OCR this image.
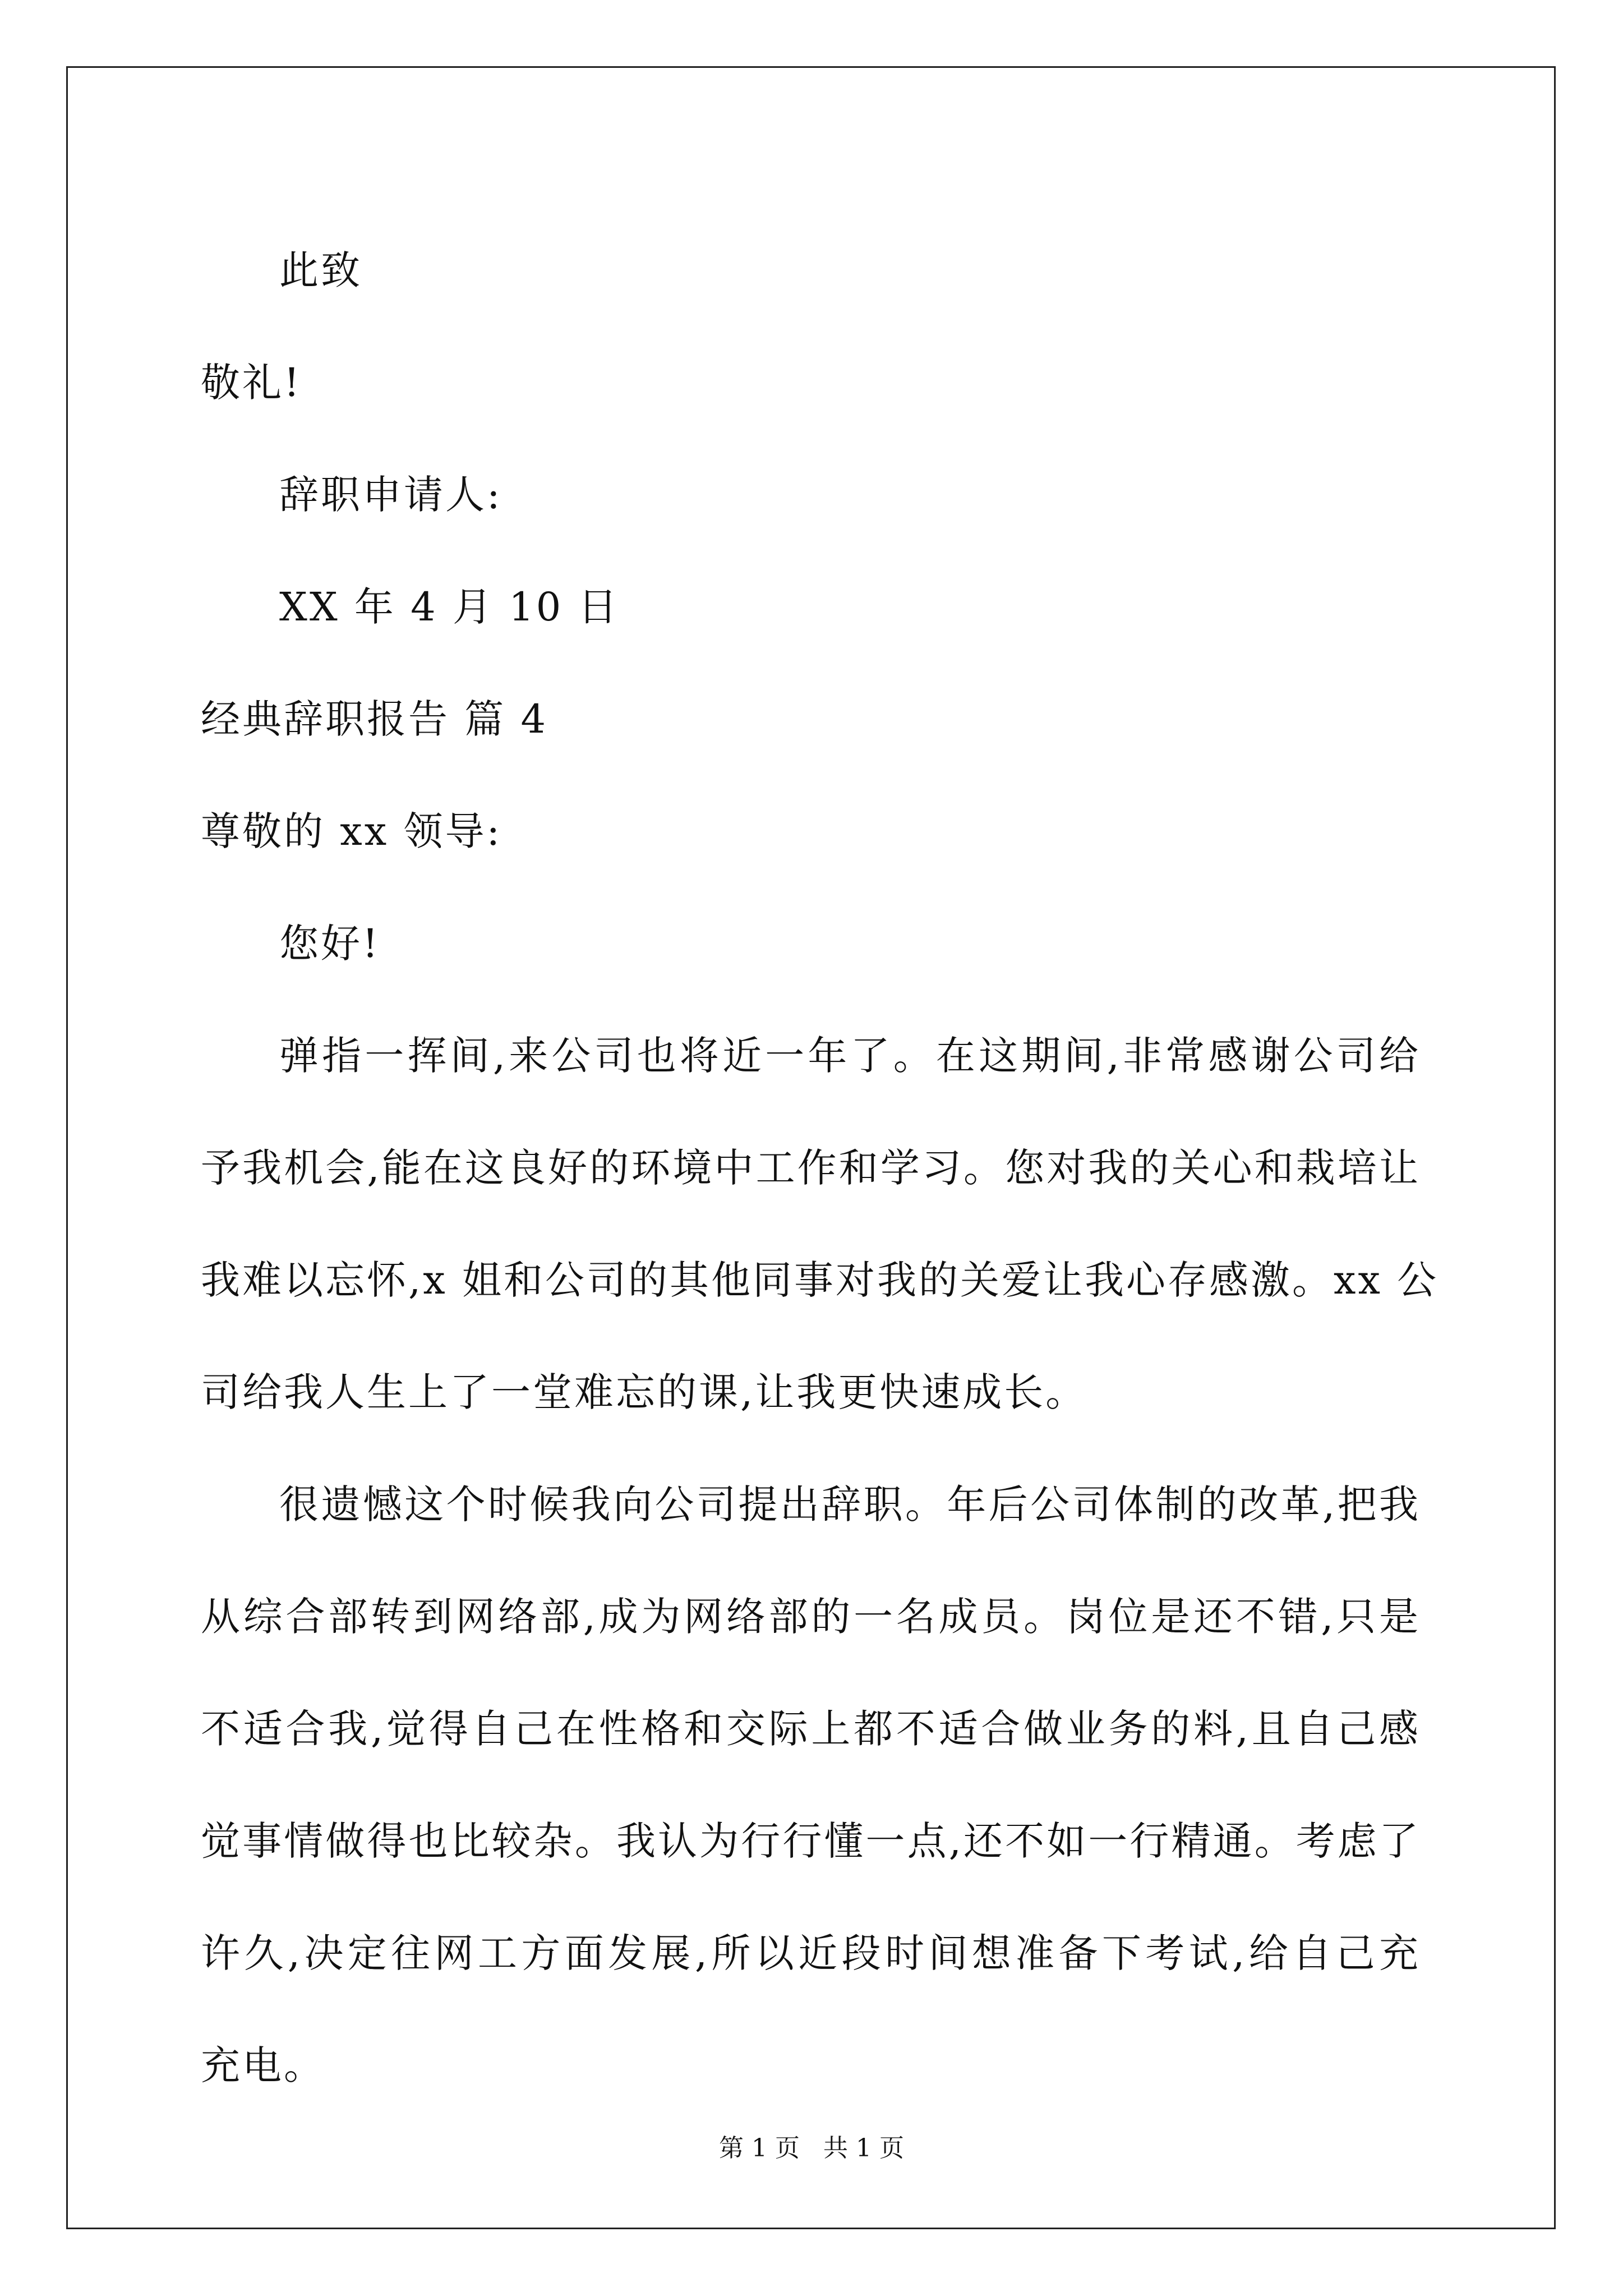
此致
敬礼!
辞职申请人:
XX 年 4 月 10 日
经典辞职报告 篇 4
尊敬的 xx 领导:
您好!
弹指一挥间,来公司也将近一年了。在这期间,非常感谢公司给
予我机会,能在这良好的环境中工作和学习。您对我的关心和栽培让
我难以忘怀,x 姐和公司的其他同事对我的关爱让我心存感激。xx 公
司给我人生上了一堂难忘的课,让我更快速成长。
很遗憾这个时候我向公司提出辞职。年后公司体制的改革,把我
从综合部转到网络部,成为网络部的一名成员。岗位是还不错,只是
不适合我,觉得自己在性格和交际上都不适合做业务的料,且自己感
觉事情做得也比较杂。我认为行行懂一点,还不如一行精通。考虑了
许久,决定往网工方面发展,所以近段时间想准备下考试,给自己充
充电。
第 1 页   共 1 页
